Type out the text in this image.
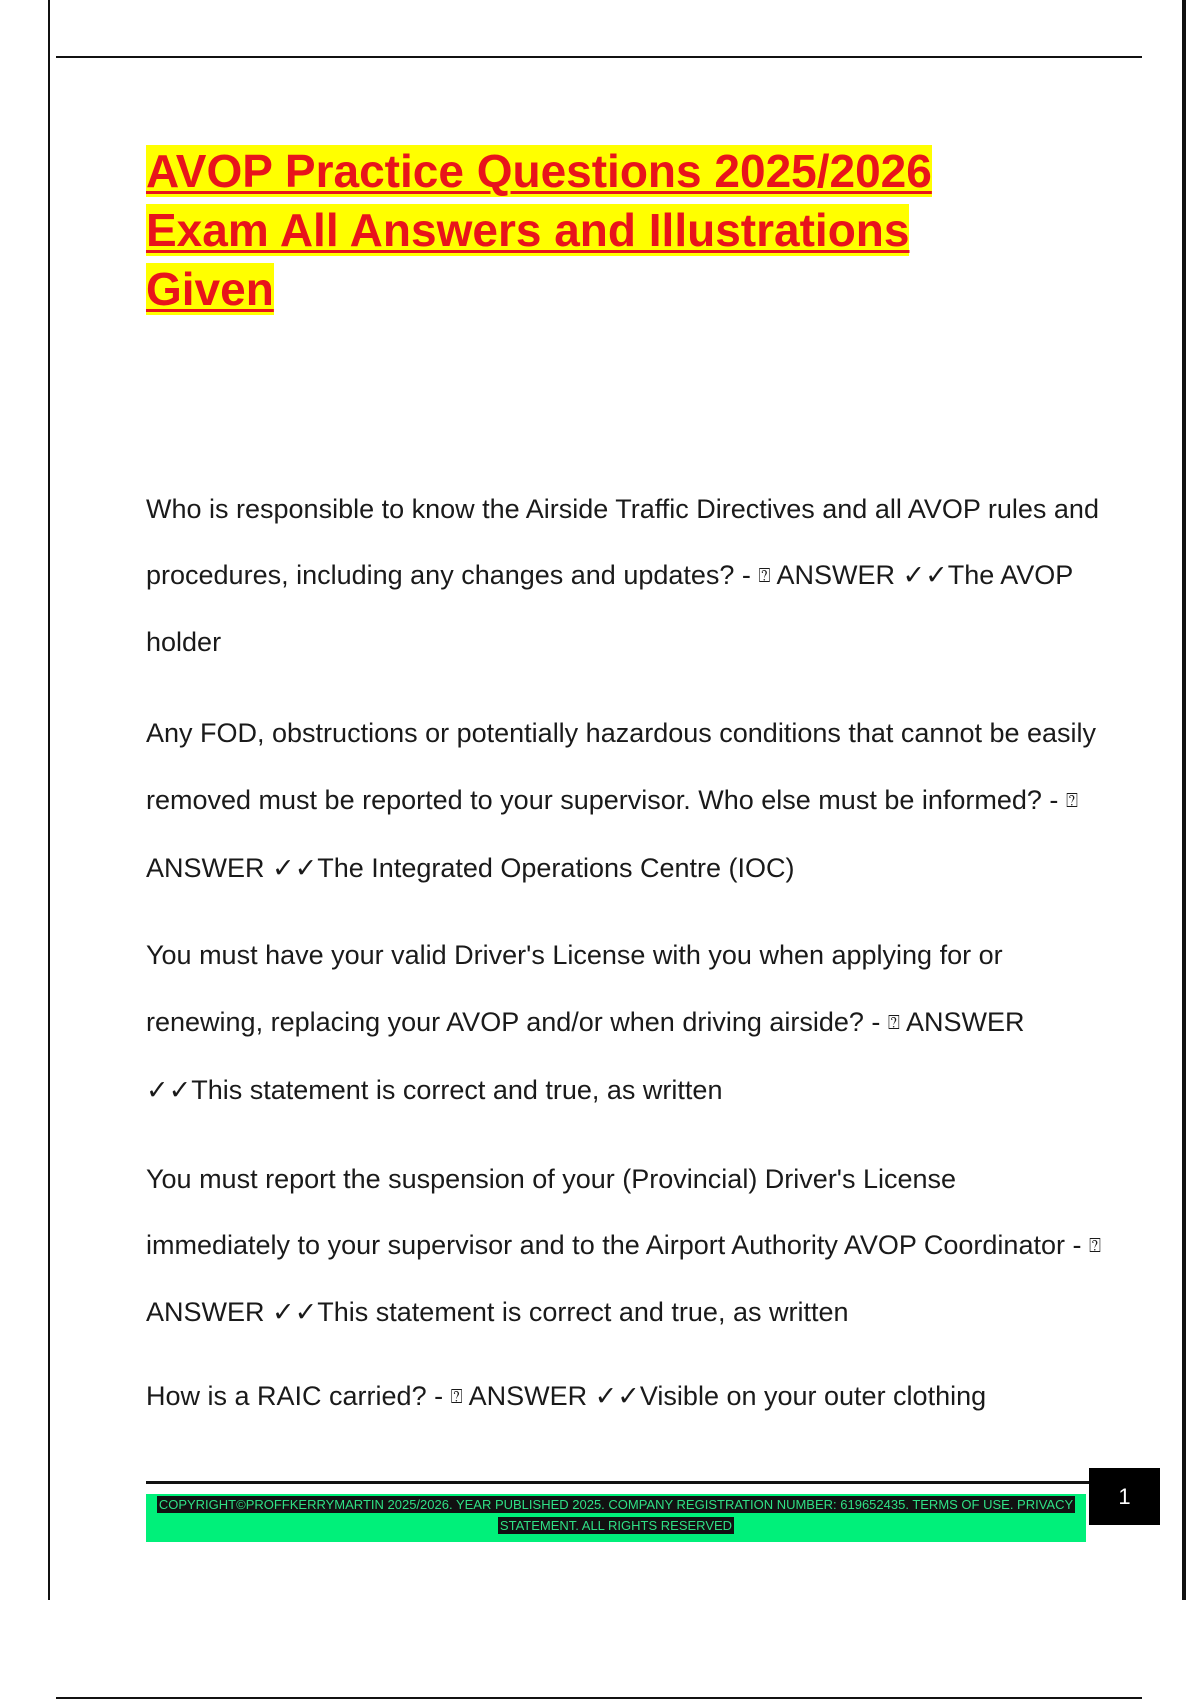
AVOP Practice Questions 2025/2026
Exam All Answers and Illustrations
Given

Who is responsible to know the Airside Traffic Directives and all AVOP rules and procedures, including any changes and updates? - ⍰ ANSWER ✓✓The AVOP holder

Any FOD, obstructions or potentially hazardous conditions that cannot be easily removed must be reported to your supervisor. Who else must be informed? - ⍰ ANSWER ✓✓The Integrated Operations Centre (IOC)

You must have your valid Driver's License with you when applying for or renewing, replacing your AVOP and/or when driving airside? - ⍰ ANSWER ✓✓This statement is correct and true, as written

You must report the suspension of your (Provincial) Driver's License immediately to your supervisor and to the Airport Authority AVOP Coordinator - ⍰ ANSWER ✓✓This statement is correct and true, as written

How is a RAIC carried? - ⍰ ANSWER ✓✓Visible on your outer clothing

COPYRIGHT©PROFFKERRYMARTIN 2025/2026. YEAR PUBLISHED 2025. COMPANY REGISTRATION NUMBER: 619652435. TERMS OF USE. PRIVACY STATEMENT. ALL RIGHTS RESERVED
1
